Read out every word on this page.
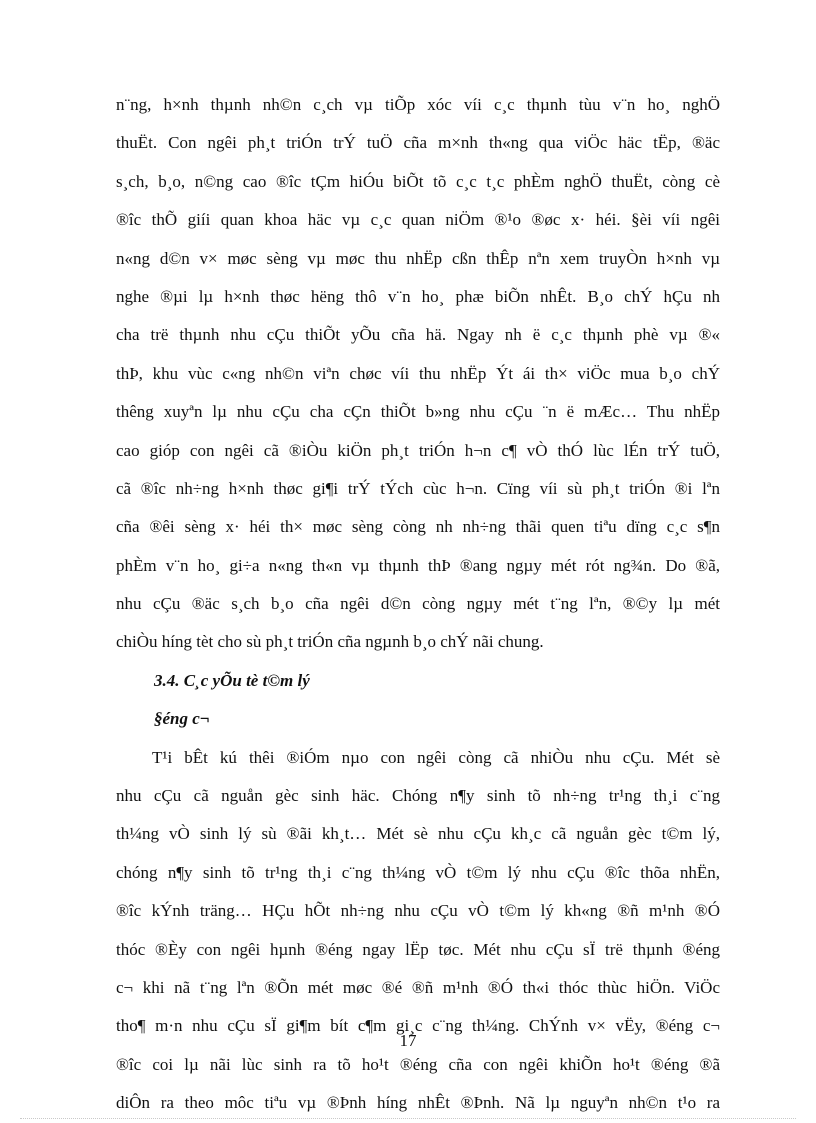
n¨ng, h×nh thµnh nh©n c¸ch vµ tiÕp xóc víi c¸c thµnh tùu v¨n ho¸ nghÖ
thuËt. Con ngêi ph¸t triÓn trÝ tuÖ cña m×nh th«ng qua viÖc häc tËp, ®äc
s¸ch, b¸o, n©ng cao ®îc tÇm hiÓu biÕt tõ c¸c t¸c phÈm nghÖ thuËt, còng cè
®îc thÕ giíi quan khoa häc vµ c¸c quan niÖm ®¹o ®øc x· héi. §èi víi ngêi
n«ng d©n v× møc sèng vµ møc thu nhËp cßn thÊp nªn xem truyÒn h×nh vµ
nghe ®µi lµ h×nh thøc hëng thô v¨n ho¸ phæ biÕn nhÊt. B¸o chÝ hÇu nh
cha trë thµnh nhu cÇu thiÕt yÕu cña hä. Ngay nh ë c¸c thµnh phè vµ ®«
thÞ, khu vùc c«ng nh©n viªn chøc víi thu nhËp Ýt ái th× viÖc mua b¸o chÝ
thêng xuyªn lµ nhu cÇu cha cÇn thiÕt b»ng nhu cÇu ¨n ë mÆc… Thu nhËp
cao gióp con ngêi cã ®iÒu kiÖn ph¸t triÓn h¬n c¶ vÒ thÓ lùc lÉn trÝ tuÖ,
cã ®îc nh÷ng h×nh thøc gi¶i trÝ tÝch cùc h¬n. Cïng víi sù ph¸t triÓn ®i lªn
cña ®êi sèng x· héi th× møc sèng còng nh nh÷ng thãi quen tiªu dïng c¸c s¶n
phÈm v¨n ho¸ gi÷a n«ng th«n vµ thµnh thÞ ®ang ngµy mét rót ng¾n. Do ®ã,
nhu cÇu ®äc s¸ch b¸o cña ngêi d©n còng ngµy mét t¨ng lªn, ®©y lµ mét
chiÒu híng tèt cho sù ph¸t triÓn cña ngµnh b¸o chÝ nãi chung.
3.4. C¸c yÕu tè t©m lý
§éng c¬
T¹i bÊt kú thêi ®iÓm nµo con ngêi còng cã nhiÒu nhu cÇu. Mét sè
nhu cÇu cã nguån gèc sinh häc. Chóng n¶y sinh tõ nh÷ng tr¹ng th¸i c¨ng
th¼ng vÒ sinh lý sù ®ãi kh¸t… Mét sè nhu cÇu kh¸c cã nguån gèc t©m lý,
chóng n¶y sinh tõ tr¹ng th¸i c¨ng th¼ng vÒ t©m lý nhu cÇu ®îc thõa nhËn,
®îc kÝnh träng… HÇu hÕt nh÷ng nhu cÇu vÒ t©m lý kh«ng ®ñ m¹nh ®Ó
thóc ®Èy con ngêi hµnh ®éng ngay lËp tøc. Mét nhu cÇu sÏ trë thµnh ®éng
c¬ khi nã t¨ng lªn ®Õn mét møc ®é ®ñ m¹nh ®Ó th«i thóc thùc hiÖn. ViÖc
tho¶ m·n nhu cÇu sÏ gi¶m bít c¶m gi¸c c¨ng th¼ng. ChÝnh v× vËy, ®éng c¬
®îc coi lµ nãi lùc sinh ra tõ ho¹t ®éng cña con ngêi khiÕn ho¹t ®éng ®ã
diÔn ra theo môc tiªu vµ ®Þnh híng nhÊt ®Þnh. Nã lµ nguyªn nh©n t¹o ra
17
